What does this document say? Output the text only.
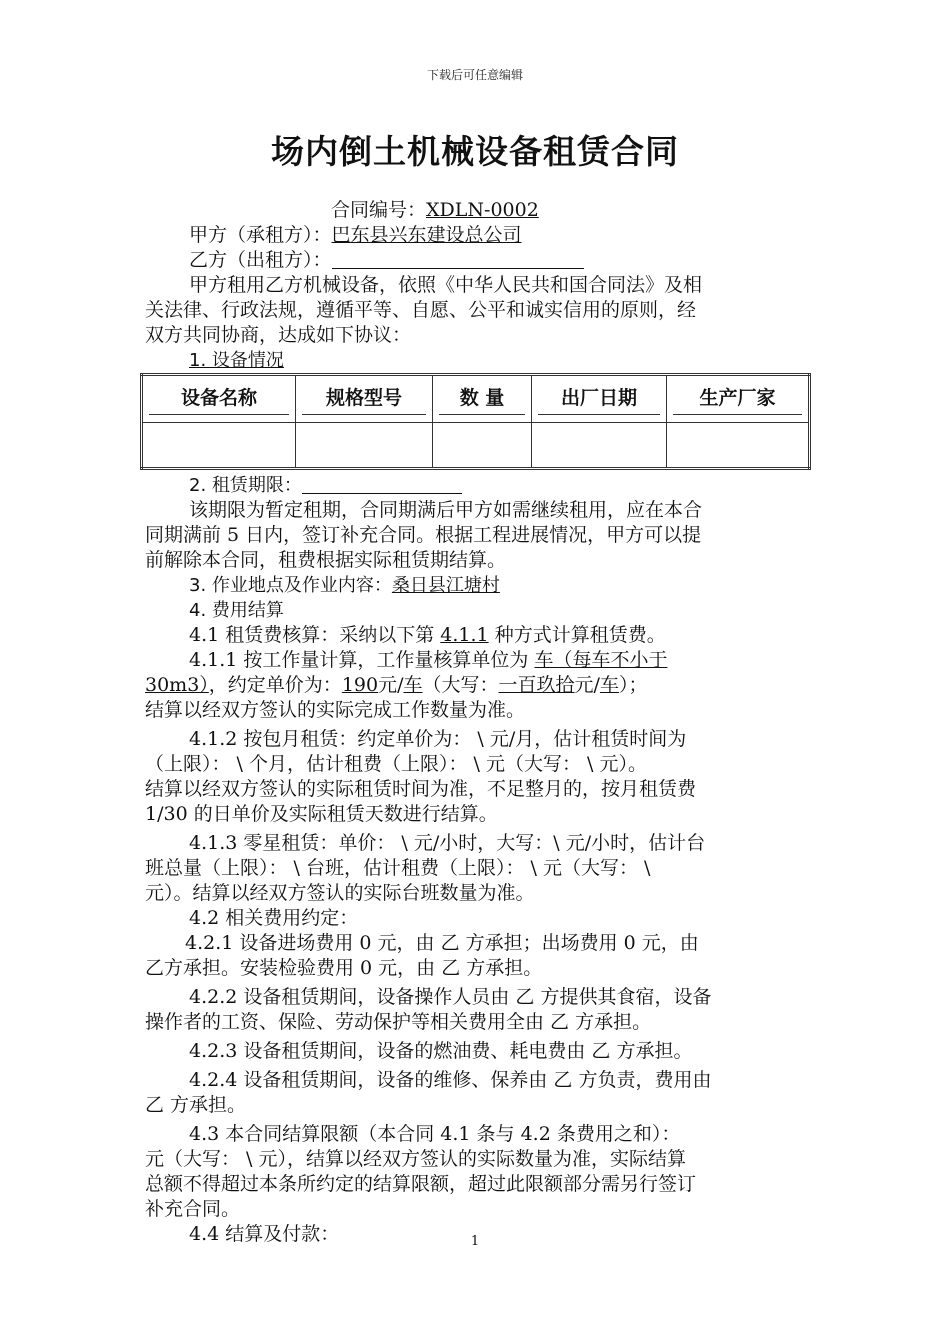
下载后可任意编辑
场内倒土机械设备租赁合同
合同编号：XDLN-0002
甲方（承租方）：巴东县兴东建设总公司
乙方（出租方）：
甲方租用乙方机械设备，依照《中华人民共和国合同法》及相
关法律、行政法规，遵循平等、自愿、公平和诚实信用的原则，经
双方共同协商，达成如下协议：
1. 设备情况
2. 租赁期限：
该期限为暂定租期，合同期满后甲方如需继续租用，应在本合
同期满前 5 日内，签订补充合同。根据工程进展情况，甲方可以提
前解除本合同，租费根据实际租赁期结算。
3. 作业地点及作业内容：桑日县江塘村
4. 费用结算
4.1 租赁费核算：采纳以下第 4.1.1 种方式计算租赁费。
4.1.1 按工作量计算，工作量核算单位为 车（每车不小于
30m3），约定单价为：190元/车（大写：一百玖拾元/车）；
结算以经双方签认的实际完成工作数量为准。
4.1.2 按包月租赁：约定单价为： \ 元/月，估计租赁时间为
（上限）： \ 个月，估计租费（上限）： \ 元（大写： \ 元）。
结算以经双方签认的实际租赁时间为准，不足整月的，按月租赁费
1/30 的日单价及实际租赁天数进行结算。
4.1.3 零星租赁：单价： \ 元/小时，大写：\ 元/小时，估计台
班总量（上限）： \ 台班，估计租费（上限）： \ 元（大写： \
元）。结算以经双方签认的实际台班数量为准。
4.2 相关费用约定：
4.2.1 设备进场费用 0 元，由 乙 方承担；出场费用 0 元，由
乙方承担。安装检验费用 0 元，由 乙 方承担。
4.2.2 设备租赁期间，设备操作人员由 乙 方提供其食宿，设备
操作者的工资、保险、劳动保护等相关费用全由 乙 方承担。
4.2.3 设备租赁期间，设备的燃油费、耗电费由 乙 方承担。
4.2.4 设备租赁期间，设备的维修、保养由 乙 方负责，费用由
乙 方承担。
4.3 本合同结算限额（本合同 4.1 条与 4.2 条费用之和）：
元（大写： \ 元），结算以经双方签认的实际数量为准，实际结算
总额不得超过本条所约定的结算限额，超过此限额部分需另行签订
补充合同。
4.4 结算及付款：
设备名称	规格型号	数 量	出厂日期	生产厂家

1
